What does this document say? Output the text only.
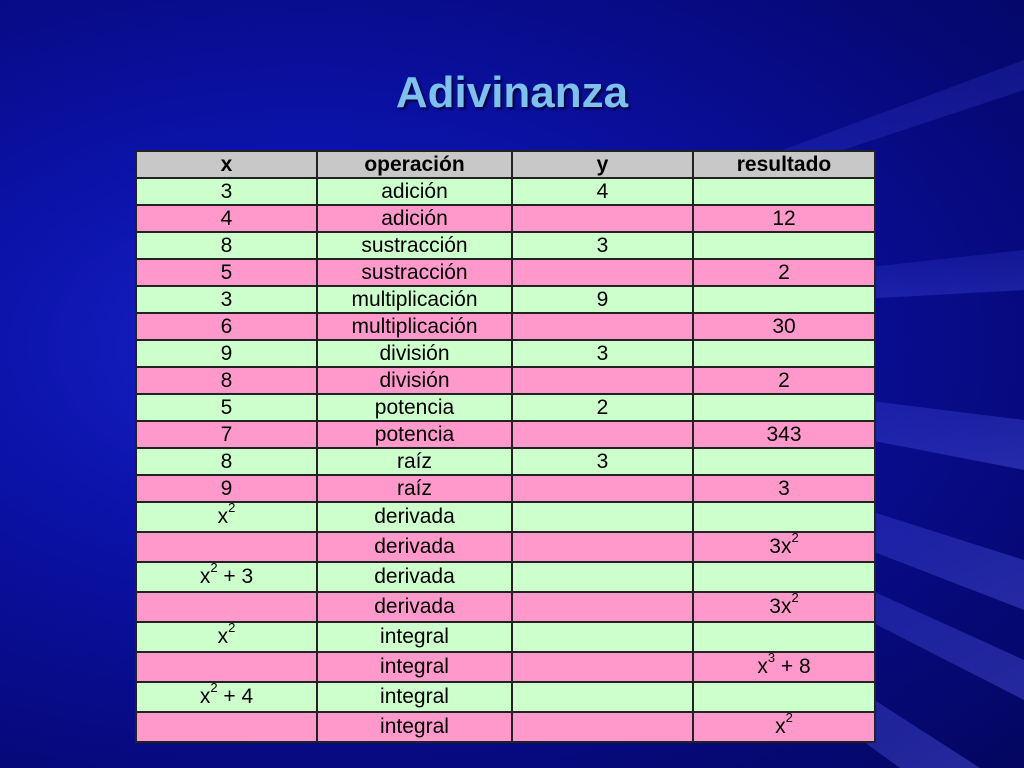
Adivinanza
x	operación	y	resultado
3	adición	4	
4	adición		12
8	sustracción	3	
5	sustracción		2
3	multiplicación	9	
6	multiplicación		30
9	división	3	
8	división		2
5	potencia	2	
7	potencia		343
8	raíz	3	
9	raíz		3
$x^2$	derivada		
	derivada		$3x^2$
$x^2 + 3$	derivada		
	derivada		$3x^2$
$x^2$	integral		
	integral		$x^3 + 8$
$x^2 + 4$	integral		
	integral		$x^2$
